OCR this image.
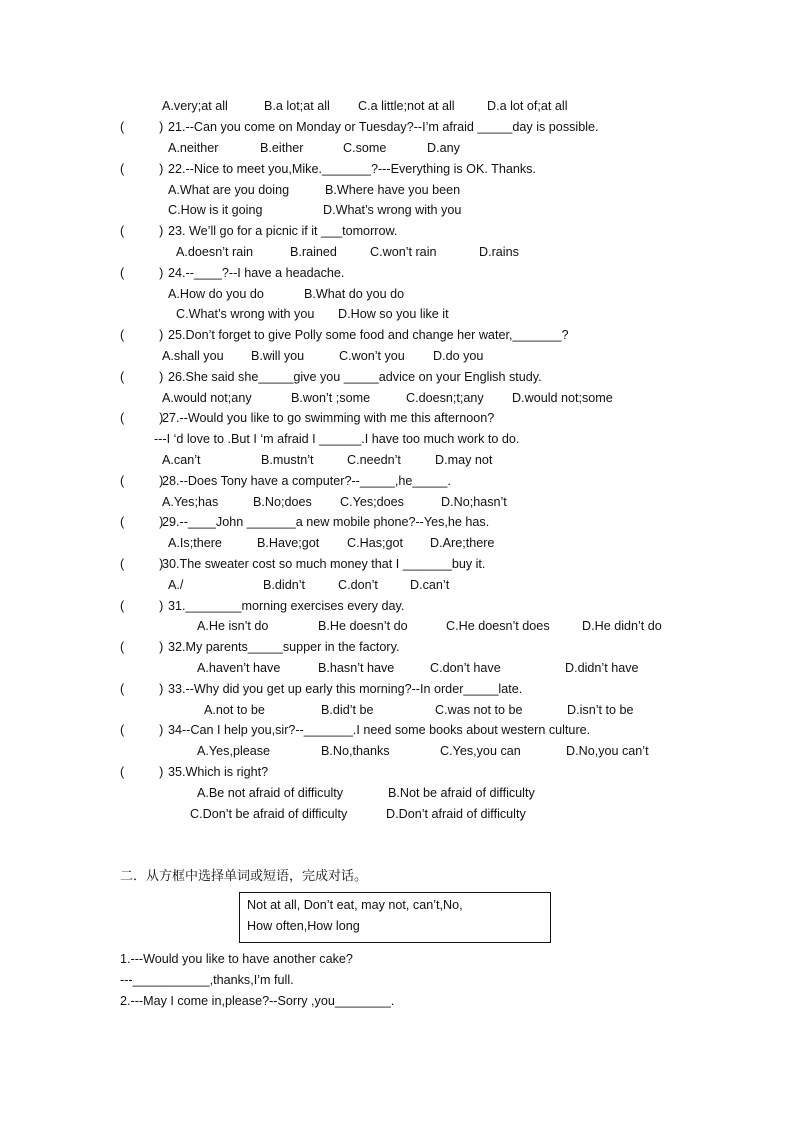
A.very;at all	B.a lot;at all C.a little;not at all	D.a lot of;at all
(          ) 21.--Can you come on Monday or Tuesday?--I’m afraid _____day is possible.
A.neither	B.either	C.some	D.any
(          ) 22.--Nice to meet you,Mike._______?---Everything is OK. Thanks.
A.What are you doing	B.Where have you been
C.How is it going	D.What’s wrong with you
(          ) 23. We’ll go for a picnic if it ___tomorrow.
A.doesn’t rain	B.rained	C.won’t rain	D.rains
(          ) 24.--____?--I have a headache.
A.How do you do	B.What do you do
C.What’s wrong with you D.How so you like it
(          ) 25.Don’t forget to give Polly some food and change her water,_______?
A.shall you B.will you	C.won’t you D.do you
(          ) 26.She said she_____give you _____advice on your English study.
A.would not;any	B.won’t ;some	C.doesn;t;any D.would not;some
(          )
27.--Would you like to go swimming with me this afternoon?
---I ‘d love to .But I ‘m afraid I ______.I have too much work to do.
A.can’t	B.mustn’t	C.needn’t	D.may not
(          )
28.--Does Tony have a computer?--_____,he_____.
A.Yes;has	B.No;does C.Yes;does	D.No;hasn’t
(          )
29.--____John _______a new mobile phone?--Yes,he has.
A.Is;there	B.Have;got C.Has;got D.Are;there
(          )
30.The sweater cost so much money that I _______buy it.
A./	B.didn’t	C.don’t	D.can’t
(          ) 31.________morning exercises every day.
A.He isn’t do	B.He doesn’t do	C.He doesn’t does	D.He didn’t do
(          ) 32.My parents_____supper in the factory.
A.haven’t have	B.hasn’t have	C.don’t have	D.didn’t have
(          ) 33.--Why did you get up early this morning?--In order_____late.
A.not to be	B.did’t be	C.was not to be	D.isn’t to be
(          ) 34--Can I help you,sir?--_______.I need some books about western culture.
A.Yes,please	B.No,thanks	C.Yes,you can	D.No,you can’t
(          ) 35.Which is right?
A.Be not afraid of difficulty	B.Not be afraid of difficulty
C.Don’t be afraid of difficulty	D.Don’t afraid of difficulty
二．从方框中选择单词或短语，完成对话。
Not at all, Don’t eat, may not, can’t,No,
How often,How long
1.---Would you like to have another cake?
---___________,thanks,I’m full.
2.---May I come in,please?--Sorry ,you________.
